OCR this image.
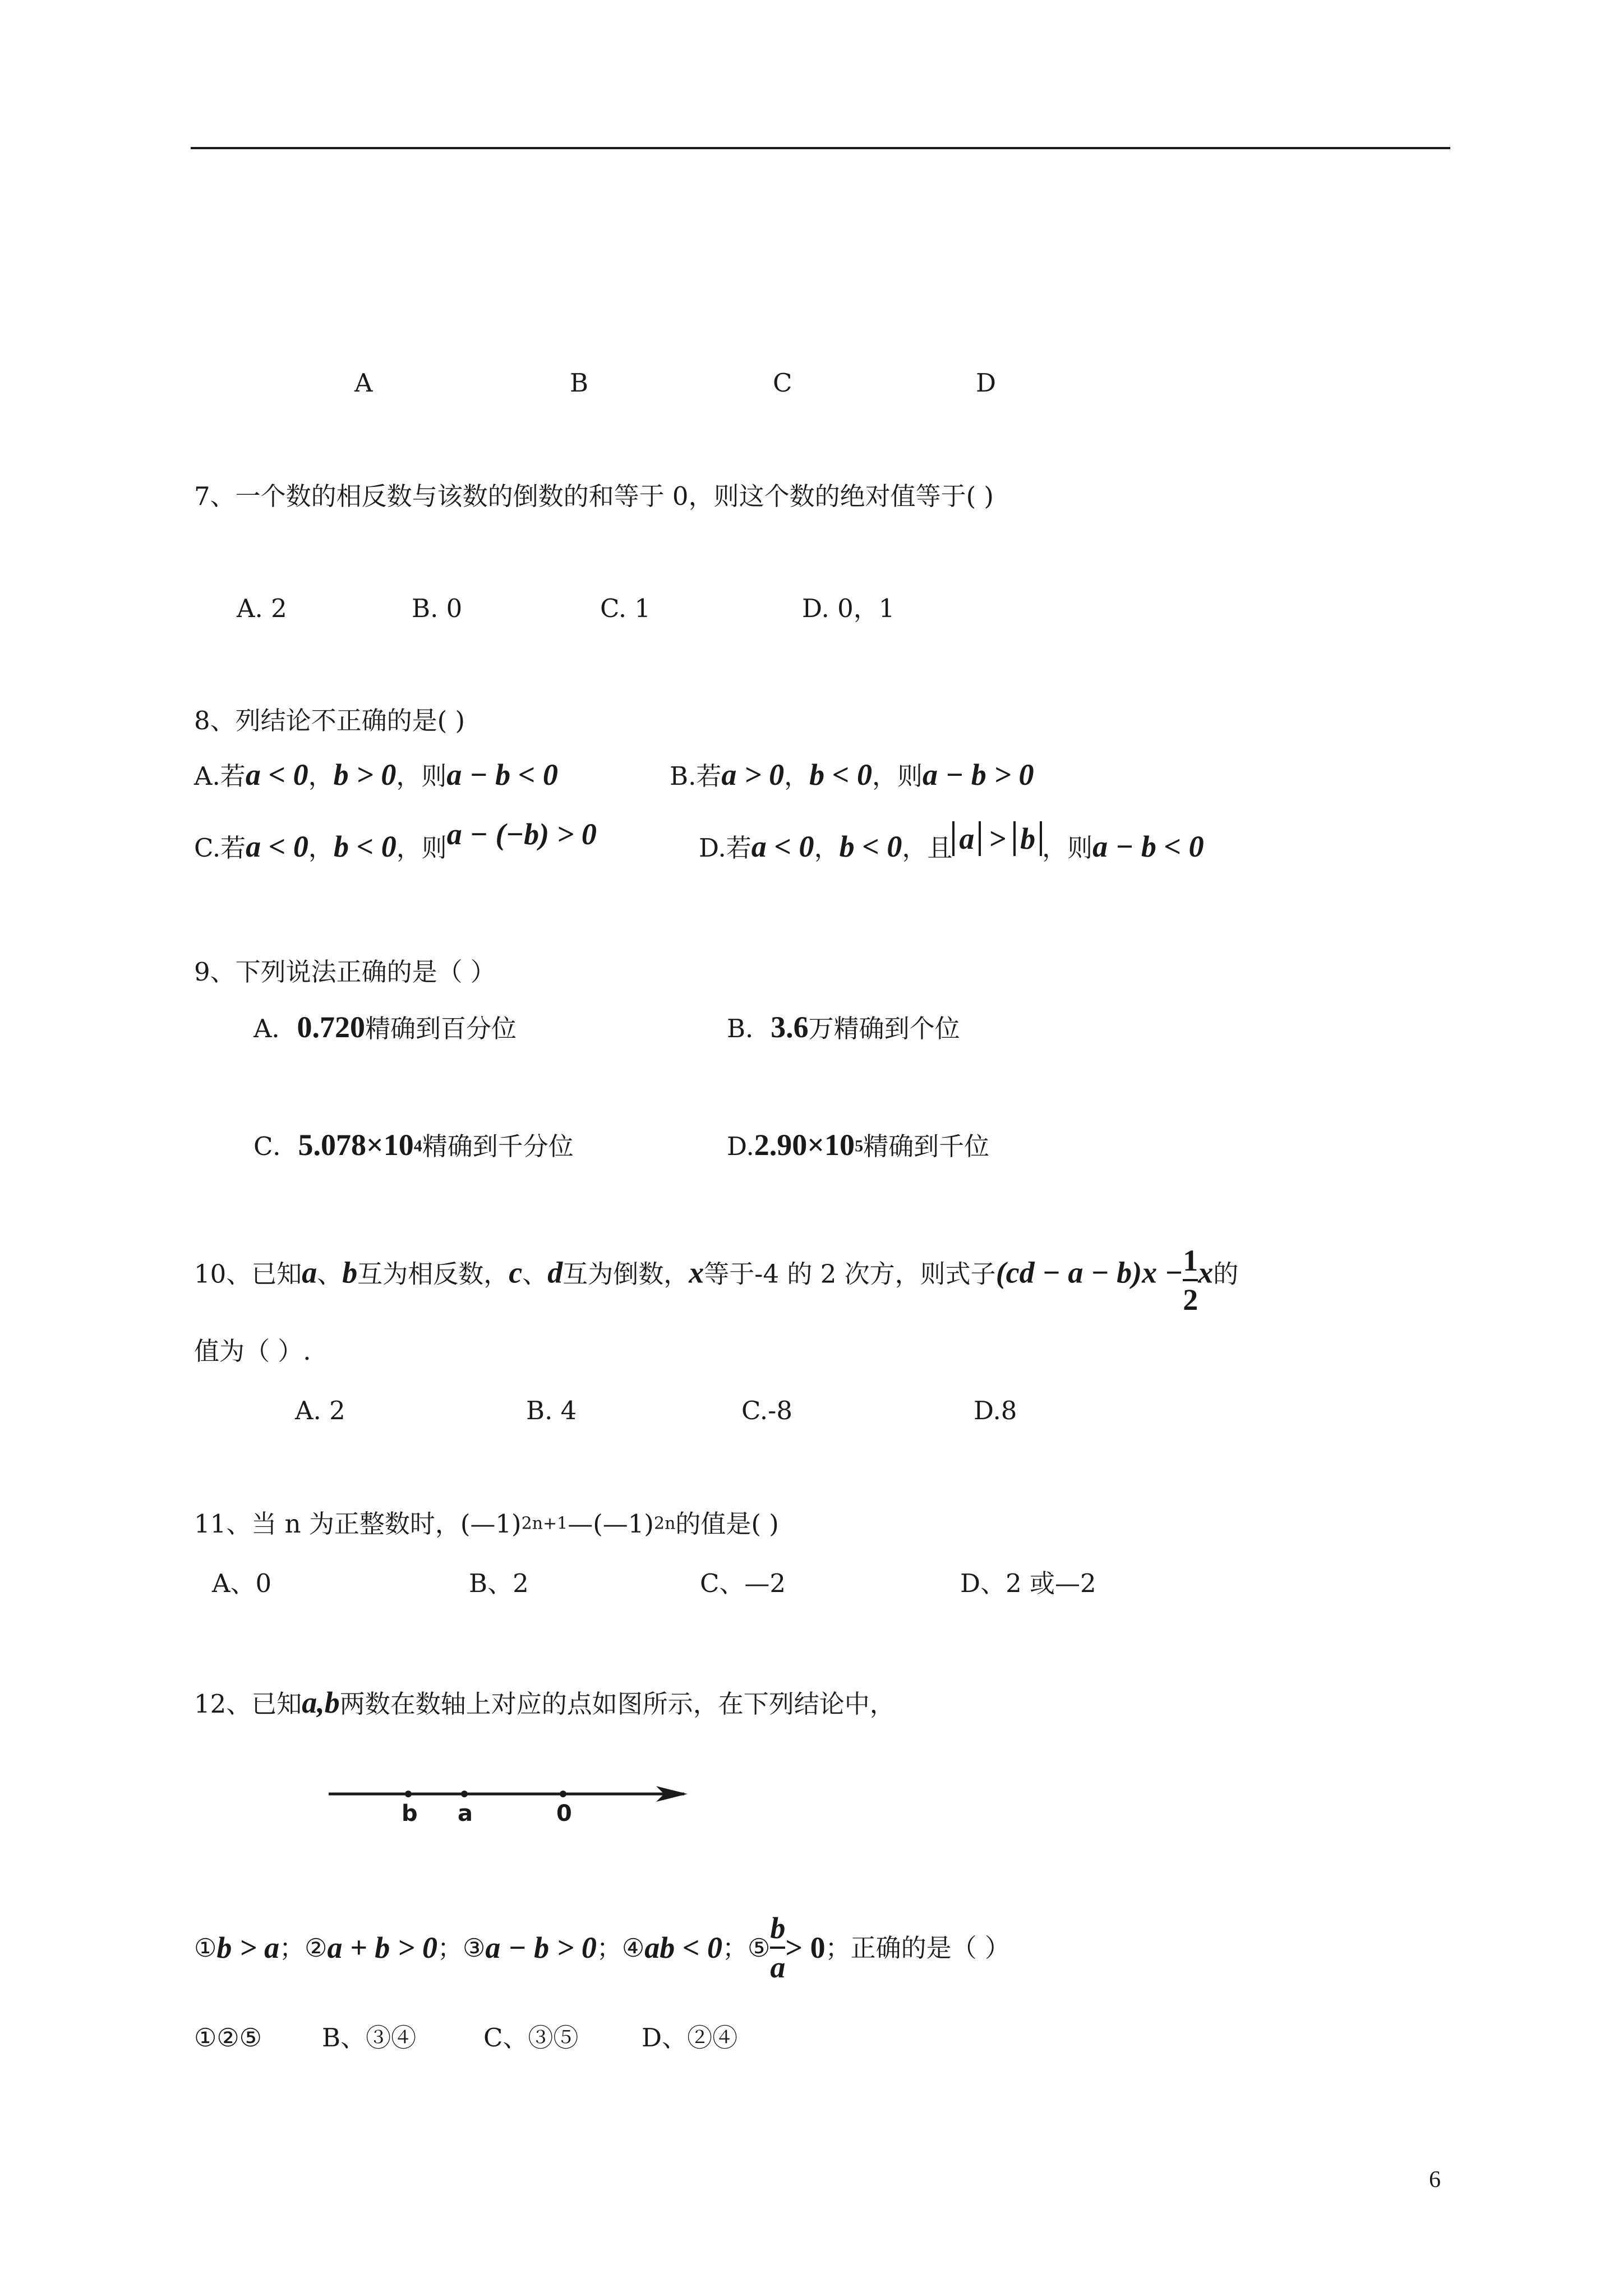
A	B	C	D
7、一个数的相反数与该数的倒数的和等于 0，则这个数的绝对值等于( )
A. 2	B. 0	C. 1	D. 0，1
8、列结论不正确的是( )
A.若a < 0，b > 0，则a − b < 0	B.若a > 0，b < 0，则a − b > 0
C.若a < 0，b < 0，则a − (−b) > 0	D.若a < 0，b < 0，且 a > b ，则a − b < 0
9、下列说法正确的是（ ）
A．0.720精确到百分位	B．3.6万精确到个位
C．$5.078\times 10^4$精确到千分位	$D.2.90\times 10^5$精确到千位
10、已知a、b互为相反数，c、d互为倒数，x等于-4 的 2 次方，则式子$(cd - a - b)x - \frac{1}{2}$ x的
值为（ ）.
A. 2	B. 4	C.-8	D.8
11、当 n 为正整数时，(—1)$^{2n+1}$—(—1)$^{2n}$的值是( )
A、0	B、2	C、—2	D、2 或—2
12、已知a,b两数在数轴上对应的点如图所示，在下列结论中，
b a	0
① b > a ； ② a + b > 0 ； ③ a − b > 0 ； ④ ab < 0 ； ⑤ $\frac{b}{a} > 0$ ；正确的是（ ）
①②⑤ B、③④	C、③⑤	D、②④
6
